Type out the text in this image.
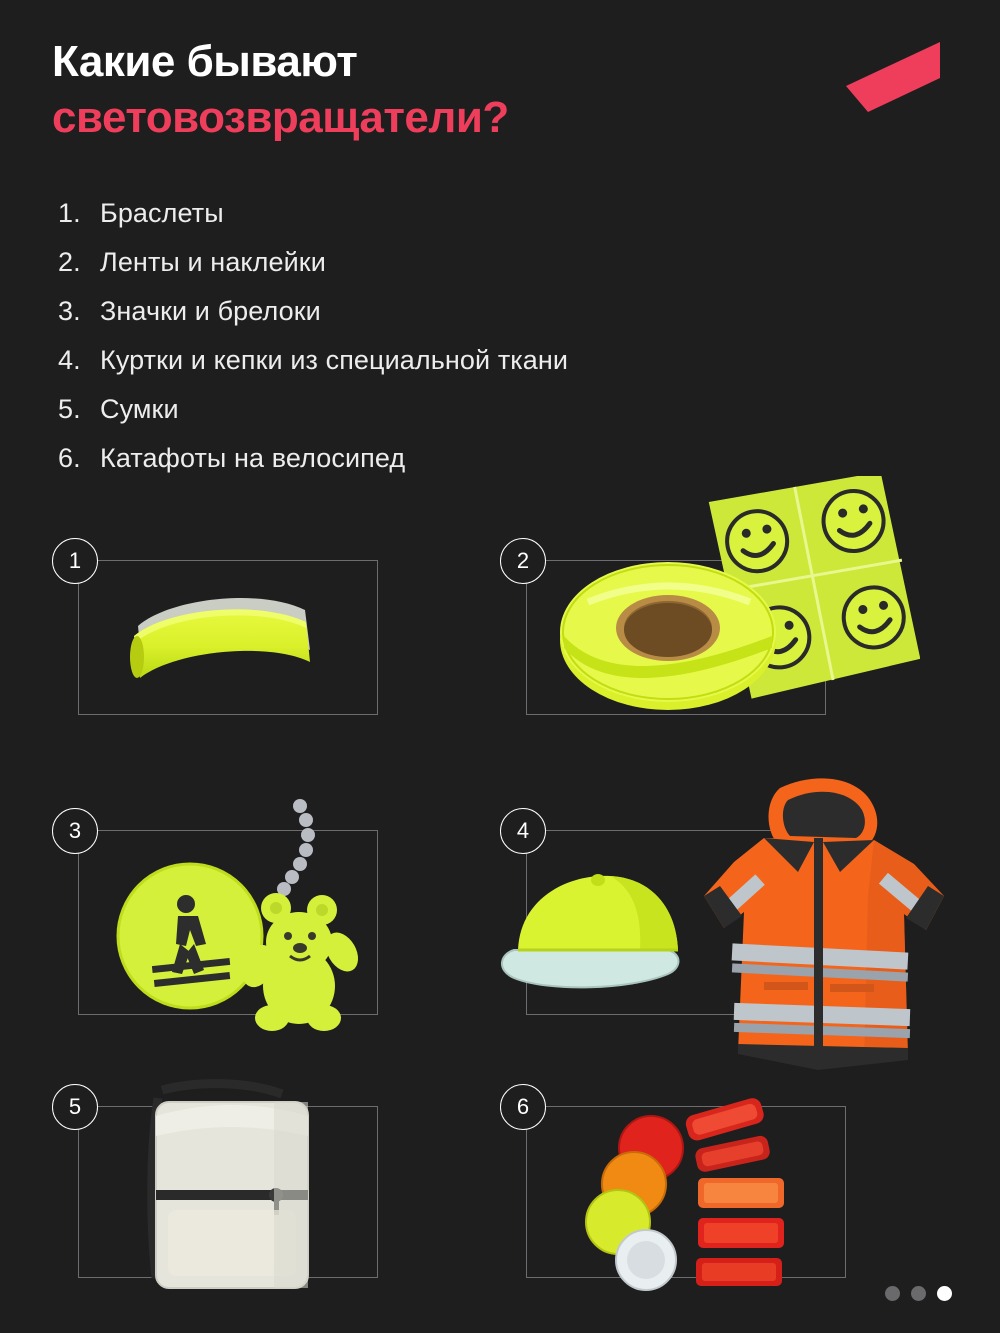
Какие бывают
световозвращатели?
1. Браслеты
2. Ленты и наклейки
3. Значки и брелоки
4. Куртки и кепки из специальной ткани
5. Сумки
6. Катафоты на велосипед
1	2
3	4
5	6
